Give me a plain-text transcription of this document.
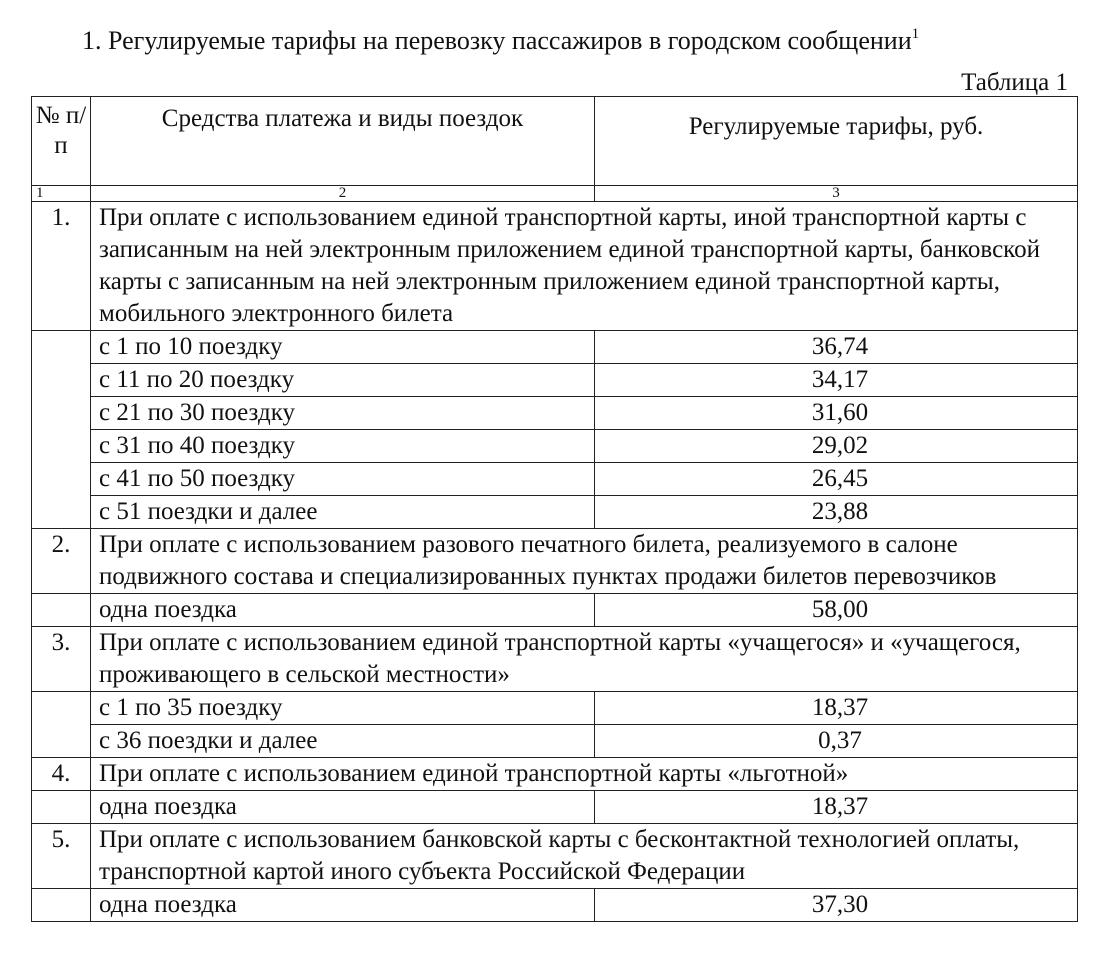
1. Регулируемые тарифы на перевозку пассажиров в городском сообщении$^1$
Таблица 1
№ п/п	Средства платежа и виды поездок	Регулируемые тарифы, руб.
1	2	3
1.	При оплате с использованием единой транспортной карты, иной транспортной карты с записанным на ней электронным приложением единой транспортной карты, банковской карты с записанным на ней электронным приложением единой транспортной карты, мобильного электронного билета	
	с 1 по 10 поездку	36,74
	с 11 по 20 поездку	34,17
	с 21 по 30 поездку	31,60
	с 31 по 40 поездку	29,02
	с 41 по 50 поездку	26,45
	с 51 поездки и далее	23,88
2.	При оплате с использованием разового печатного билета, реализуемого в салоне подвижного состава и специализированных пунктах продажи билетов перевозчиков	
	одна поездка	58,00
3.	При оплате с использованием единой транспортной карты «учащегося» и «учащегося, проживающего в сельской местности»	
	с 1 по 35 поездку	18,37
	с 36 поездки и далее	0,37
4.	При оплате с использованием единой транспортной карты «льготной»	
	одна поездка	18,37
5.	При оплате с использованием банковской карты с бесконтактной технологией оплаты, транспортной картой иного субъекта Российской Федерации	
	одна поездка	37,30
